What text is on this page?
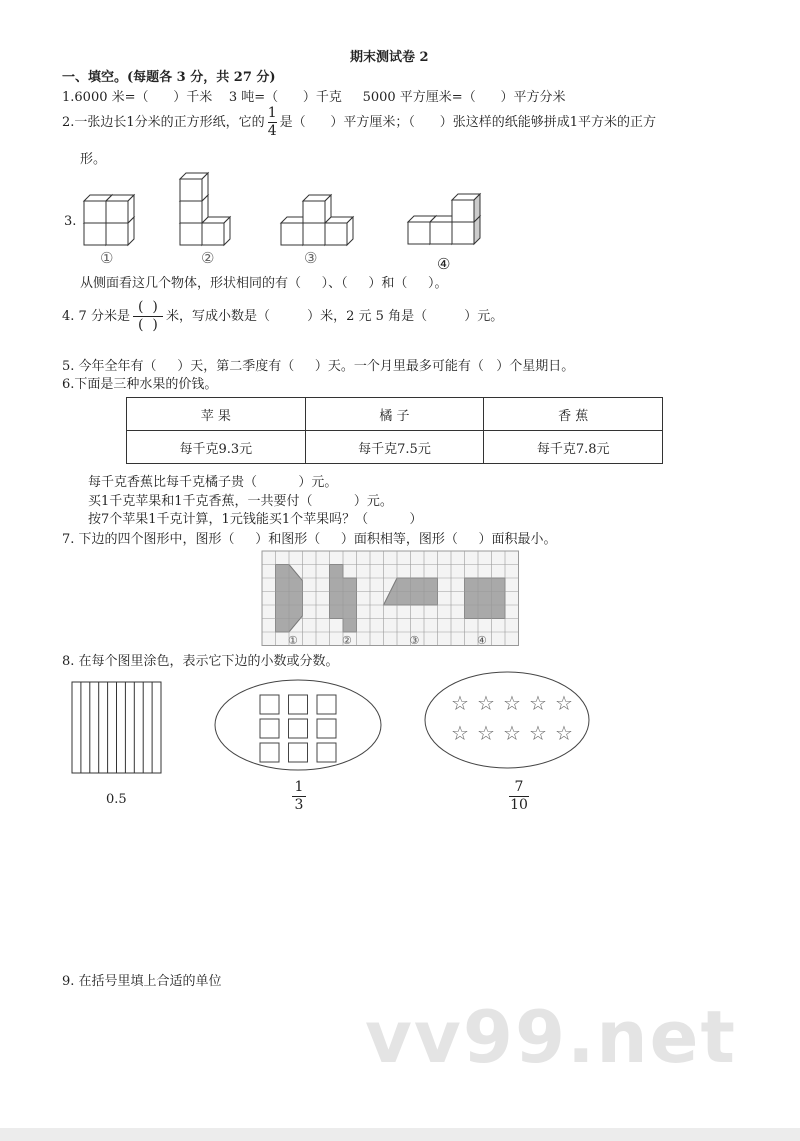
期末测试卷 2
一、填空。(每题各 3 分，共 27 分)
1.6000 米=（      ）千米    3 吨=（      ）千克     5000 平方厘米=（      ）平方分米
2.一张边长1分米的正方形纸，它的 $\frac{1}{4}$ 是（      ）平方厘米；（      ）张这样的纸能够拼成1平方米的正方
形。
3.
①	②	③	④
从侧面看这几个物体，形状相同的有（     ）、（     ）和（     ）。
4. 7 分米是 $\frac{( )}{( )}$ 米，写成小数是（         ）米，2 元 5 角是（         ）元。
5. 今年全年有（     ）天，第二季度有（     ）天。一个月里最多可能有（   ）个星期日。
6.下面是三种水果的价钱。
苹 果	橘 子	香 蕉
每千克9.3元	每千克7.5元	每千克7.8元
每千克香蕉比每千克橘子贵（          ）元。
买1千克苹果和1千克香蕉，一共要付（          ）元。
按7个苹果1千克计算，1元钱能买1个苹果吗？（          ）
7. 下边的四个图形中，图形（     ）和图形（     ）面积相等，图形（     ）面积最小。
①	②	③	④
8. 在每个图里涂色，表示它下边的小数或分数。
☆ ☆ ☆ ☆ ☆
☆ ☆ ☆ ☆ ☆
0.5
1
3
7
10
9. 在括号里填上合适的单位
vv99.net
